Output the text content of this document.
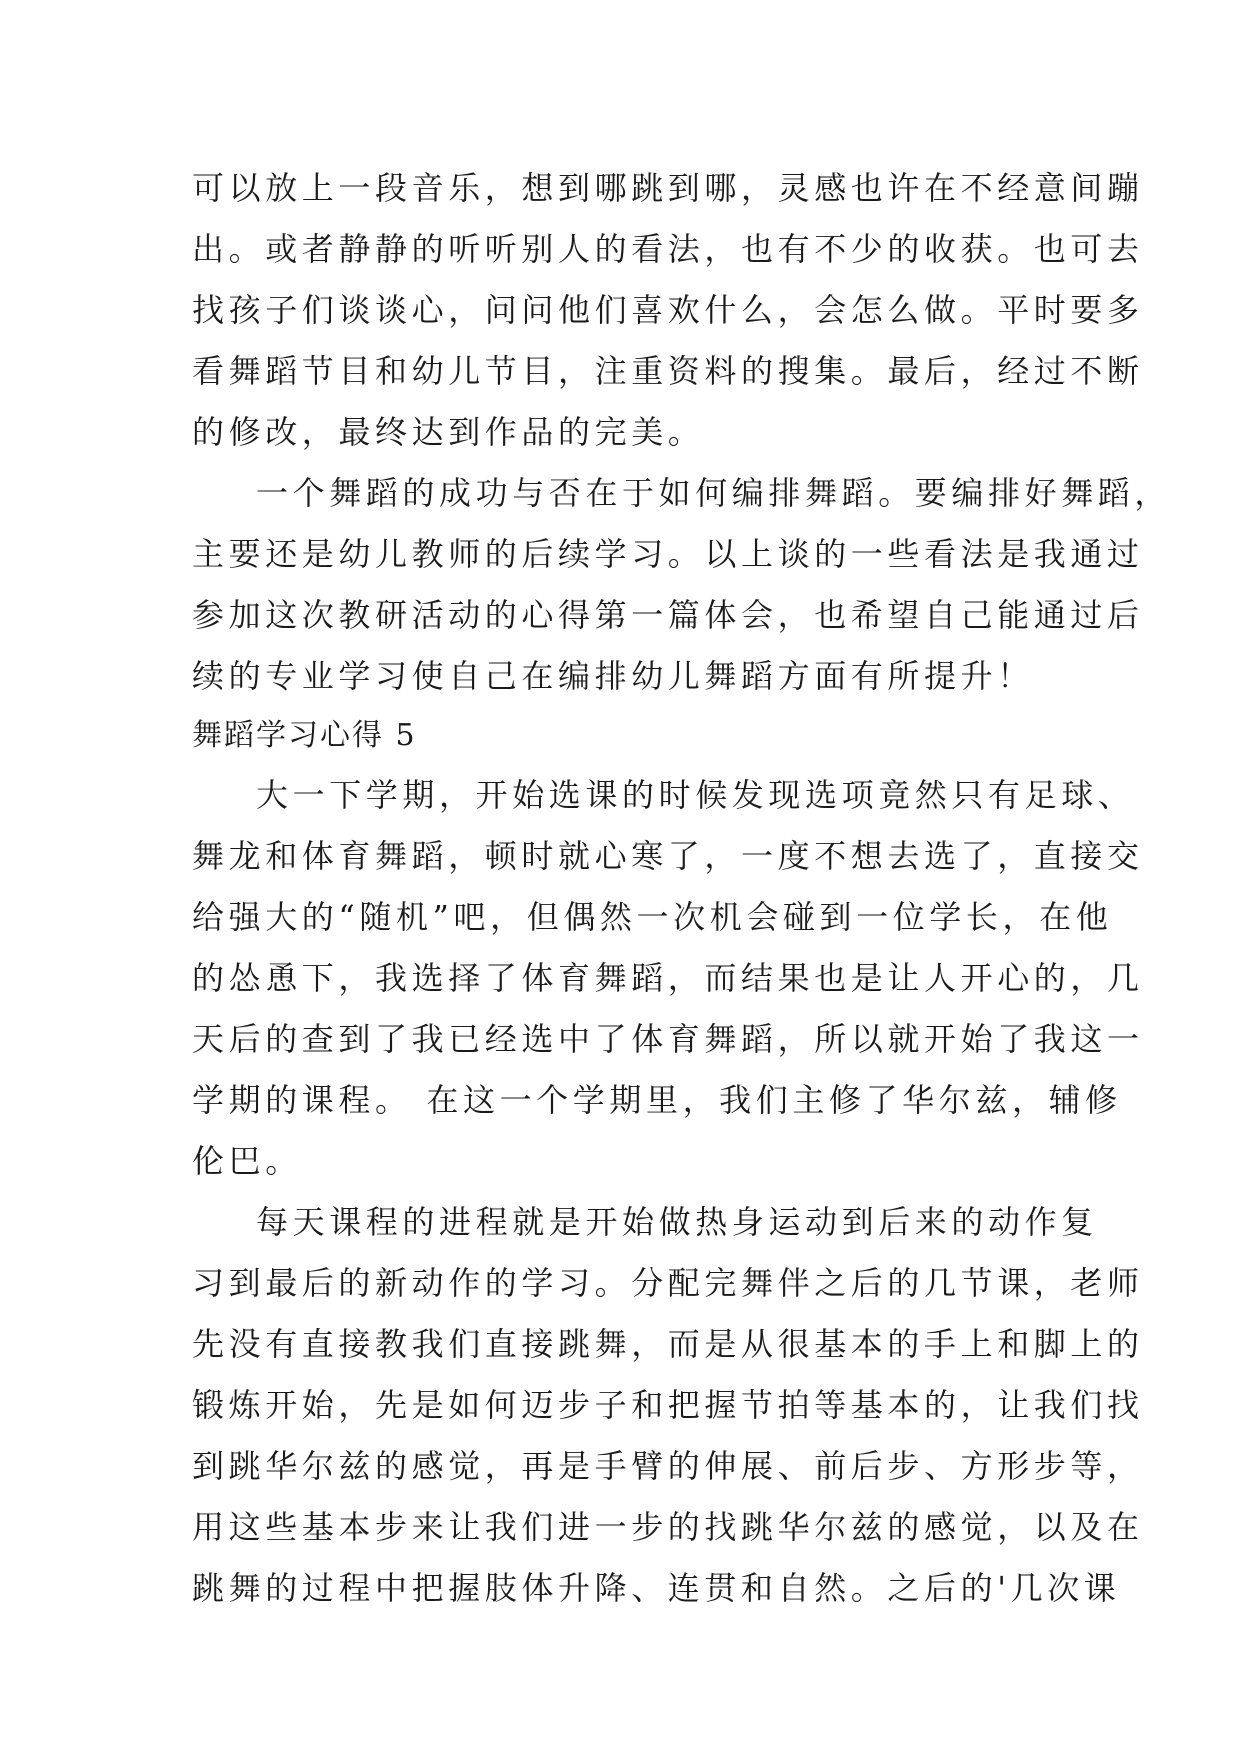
可以放上一段音乐，想到哪跳到哪，灵感也许在不经意间蹦
出。或者静静的听听别人的看法，也有不少的收获。也可去
找孩子们谈谈心，问问他们喜欢什么，会怎么做。平时要多
看舞蹈节目和幼儿节目，注重资料的搜集。最后，经过不断
的修改，最终达到作品的完美。
一个舞蹈的成功与否在于如何编排舞蹈。要编排好舞蹈，
主要还是幼儿教师的后续学习。以上谈的一些看法是我通过
参加这次教研活动的心得第一篇体会，也希望自己能通过后
续的专业学习使自己在编排幼儿舞蹈方面有所提升！
舞蹈学习心得 5
大一下学期，开始选课的时候发现选项竟然只有足球、
舞龙和体育舞蹈，顿时就心寒了，一度不想去选了，直接交
给强大的“随机”吧，但偶然一次机会碰到一位学长，在他
的怂恿下，我选择了体育舞蹈，而结果也是让人开心的，几
天后的查到了我已经选中了体育舞蹈，所以就开始了我这一
学期的课程。 在这一个学期里，我们主修了华尔兹，辅修
伦巴。
每天课程的进程就是开始做热身运动到后来的动作复
习到最后的新动作的学习。分配完舞伴之后的几节课，老师
先没有直接教我们直接跳舞，而是从很基本的手上和脚上的
锻炼开始，先是如何迈步子和把握节拍等基本的，让我们找
到跳华尔兹的感觉，再是手臂的伸展、前后步、方形步等，
用这些基本步来让我们进一步的找跳华尔兹的感觉，以及在
跳舞的过程中把握肢体升降、连贯和自然。之后的'几次课
